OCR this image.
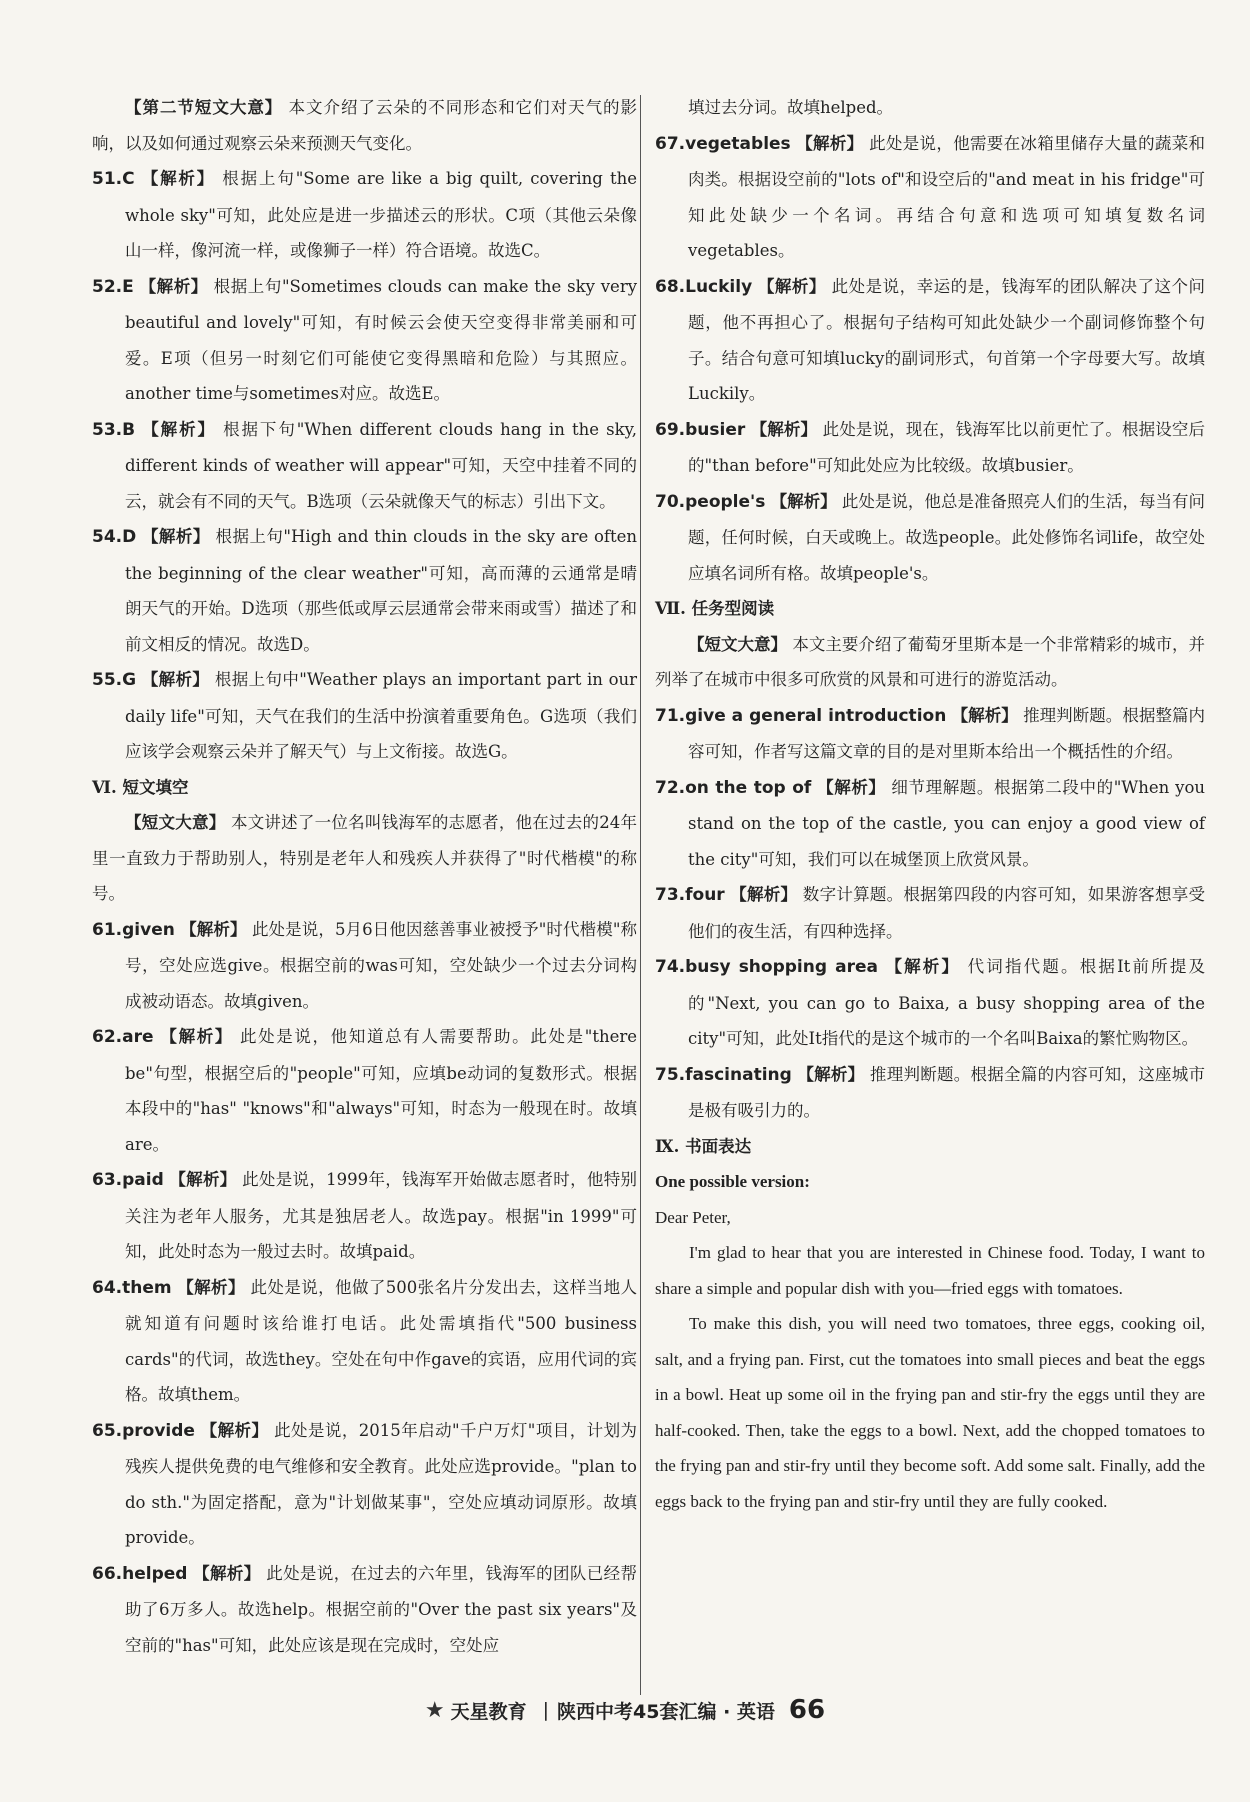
【第二节短文大意】 本文介绍了云朵的不同形态和它们对天气的影响，以及如何通过观察云朵来预测天气变化。

51.C 【解析】 根据上句"Some are like a big quilt, covering the whole sky"可知，此处应是进一步描述云的形状。C项（其他云朵像山一样，像河流一样，或像狮子一样）符合语境。故选C。

52.E 【解析】 根据上句"Sometimes clouds can make the sky very beautiful and lovely"可知，有时候云会使天空变得非常美丽和可爱。E项（但另一时刻它们可能使它变得黑暗和危险）与其照应。another time与sometimes对应。故选E。

53.B 【解析】 根据下句"When different clouds hang in the sky, different kinds of weather will appear"可知，天空中挂着不同的云，就会有不同的天气。B选项（云朵就像天气的标志）引出下文。

54.D 【解析】 根据上句"High and thin clouds in the sky are often the beginning of the clear weather"可知，高而薄的云通常是晴朗天气的开始。D选项（那些低或厚云层通常会带来雨或雪）描述了和前文相反的情况。故选D。

55.G 【解析】 根据上句中"Weather plays an important part in our daily life"可知，天气在我们的生活中扮演着重要角色。G选项（我们应该学会观察云朵并了解天气）与上文衔接。故选G。

Ⅵ. 短文填空

【短文大意】 本文讲述了一位名叫钱海军的志愿者，他在过去的24年里一直致力于帮助别人，特别是老年人和残疾人并获得了"时代楷模"的称号。

61.given 【解析】 此处是说，5月6日他因慈善事业被授予"时代楷模"称号，空处应选give。根据空前的was可知，空处缺少一个过去分词构成被动语态。故填given。

62.are 【解析】 此处是说，他知道总有人需要帮助。此处是"there be"句型，根据空后的"people"可知，应填be动词的复数形式。根据本段中的"has" "knows"和"always"可知，时态为一般现在时。故填are。

63.paid 【解析】 此处是说，1999年，钱海军开始做志愿者时，他特别关注为老年人服务，尤其是独居老人。故选pay。根据"in 1999"可知，此处时态为一般过去时。故填paid。

64.them 【解析】 此处是说，他做了500张名片分发出去，这样当地人就知道有问题时该给谁打电话。此处需填指代"500 business cards"的代词，故选they。空处在句中作gave的宾语，应用代词的宾格。故填them。

65.provide 【解析】 此处是说，2015年启动"千户万灯"项目，计划为残疾人提供免费的电气维修和安全教育。此处应选provide。"plan to do sth."为固定搭配，意为"计划做某事"，空处应填动词原形。故填provide。

66.helped 【解析】 此处是说，在过去的六年里，钱海军的团队已经帮助了6万多人。故选help。根据空前的"Over the past six years"及空前的"has"可知，此处应该是现在完成时，空处应

填过去分词。故填helped。

67.vegetables 【解析】 此处是说，他需要在冰箱里储存大量的蔬菜和肉类。根据设空前的"lots of"和设空后的"and meat in his fridge"可知此处缺少一个名词。再结合句意和选项可知填复数名词vegetables。

68.Luckily 【解析】 此处是说，幸运的是，钱海军的团队解决了这个问题，他不再担心了。根据句子结构可知此处缺少一个副词修饰整个句子。结合句意可知填lucky的副词形式，句首第一个字母要大写。故填Luckily。

69.busier 【解析】 此处是说，现在，钱海军比以前更忙了。根据设空后的"than before"可知此处应为比较级。故填busier。

70.people's 【解析】 此处是说，他总是准备照亮人们的生活，每当有问题，任何时候，白天或晚上。故选people。此处修饰名词life，故空处应填名词所有格。故填people's。

Ⅶ. 任务型阅读

【短文大意】 本文主要介绍了葡萄牙里斯本是一个非常精彩的城市，并列举了在城市中很多可欣赏的风景和可进行的游览活动。

71.give a general introduction 【解析】 推理判断题。根据整篇内容可知，作者写这篇文章的目的是对里斯本给出一个概括性的介绍。

72.on the top of 【解析】 细节理解题。根据第二段中的"When you stand on the top of the castle, you can enjoy a good view of the city"可知，我们可以在城堡顶上欣赏风景。

73.four 【解析】 数字计算题。根据第四段的内容可知，如果游客想享受他们的夜生活，有四种选择。

74.busy shopping area 【解析】 代词指代题。根据It前所提及的"Next, you can go to Baixa, a busy shopping area of the city"可知，此处It指代的是这个城市的一个名叫Baixa的繁忙购物区。

75.fascinating 【解析】 推理判断题。根据全篇的内容可知，这座城市是极有吸引力的。

Ⅸ. 书面表达

One possible version:

Dear Peter,

I'm glad to hear that you are interested in Chinese food. Today, I want to share a simple and popular dish with you—fried eggs with tomatoes.

To make this dish, you will need two tomatoes, three eggs, cooking oil, salt, and a frying pan. First, cut the tomatoes into small pieces and beat the eggs in a bowl. Heat up some oil in the frying pan and stir-fry the eggs until they are half-cooked. Then, take the eggs to a bowl. Next, add the chopped tomatoes to the frying pan and stir-fry until they become soft. Add some salt. Finally, add the eggs back to the frying pan and stir-fry until they are fully cooked.

★ 天星教育 | 陕西中考45套汇编 · 英语 66
